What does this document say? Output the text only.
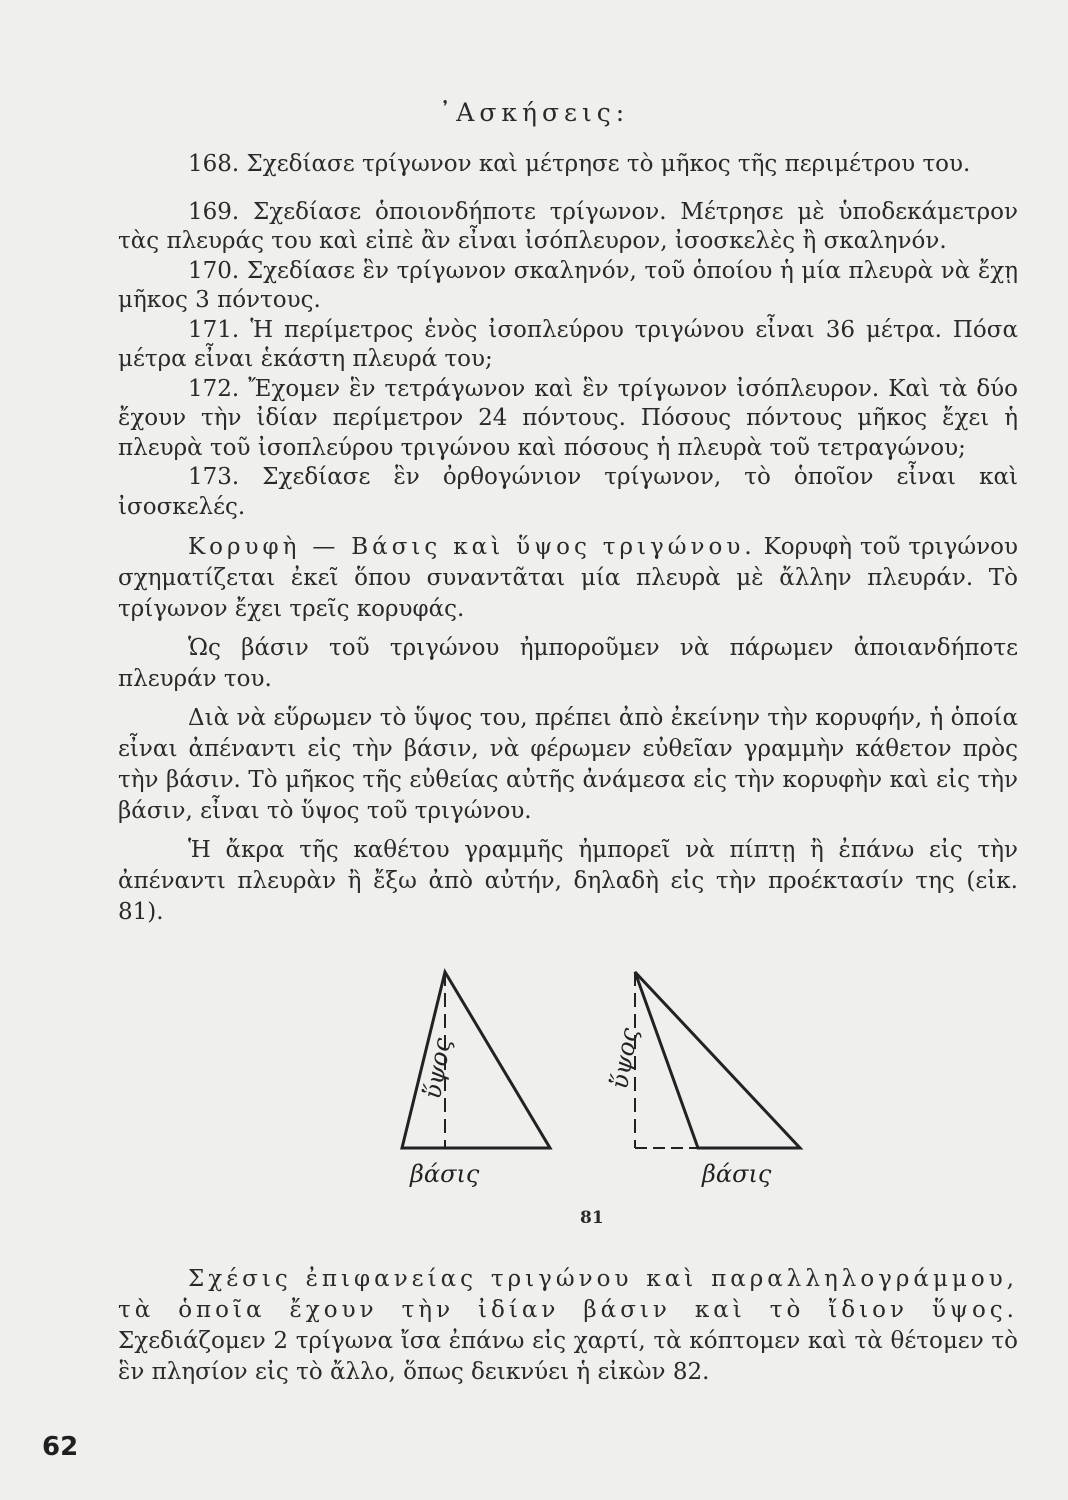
᾿Ασκήσεις:

168. Σχεδίασε τρίγωνον καὶ μέτρησε τὸ μῆκος τῆς περιμέτρου του.

169. Σχεδίασε ὁποιονδήποτε τρίγωνον. Μέτρησε μὲ ὑποδεκάμετρον τὰς πλευράς του καὶ εἰπὲ ἂν εἶναι ἰσόπλευρον, ἰσοσκελὲς ἢ σκαληνόν.

170. Σχεδίασε ἓν τρίγωνον σκαληνόν, τοῦ ὁποίου ἡ μία πλευρὰ νὰ ἔχῃ μῆκος 3 πόντους.

171. Ἡ περίμετρος ἑνὸς ἰσοπλεύρου τριγώνου εἶναι 36 μέτρα. Πόσα μέτρα εἶναι ἑκάστη πλευρά του;

172. Ἔχομεν ἓν τετράγωνον καὶ ἓν τρίγωνον ἰσόπλευρον. Καὶ τὰ δύο ἔχουν τὴν ἰδίαν περίμετρον 24 πόντους. Πόσους πόντους μῆκος ἔχει ἡ πλευρὰ τοῦ ἰσοπλεύρου τριγώνου καὶ πόσους ἡ πλευρὰ τοῦ τετραγώνου;

173. Σχεδίασε ἓν ὀρθογώνιον τρίγωνον, τὸ ὁποῖον εἶναι καὶ ἰσοσκελές.

Κορυφὴ — Βάσις καὶ ὕψος τριγώνου. Κορυφὴ τοῦ τριγώνου σχηματίζεται ἐκεῖ ὅπου συναντᾶται μία πλευρὰ μὲ ἄλλην πλευράν. Τὸ τρίγωνον ἔχει τρεῖς κορυφάς.

Ὡς βάσιν τοῦ τριγώνου ἠμποροῦμεν νὰ πάρωμεν ἀποιανδήποτε πλευράν του.

Διὰ νὰ εὕρωμεν τὸ ὕψος του, πρέπει ἀπὸ ἐκείνην τὴν κορυφήν, ἡ ὁποία εἶναι ἀπέναντι εἰς τὴν βάσιν, νὰ φέρωμεν εὐθεῖαν γραμμὴν κάθετον πρὸς τὴν βάσιν. Τὸ μῆκος τῆς εὐθείας αὐτῆς ἀνάμεσα εἰς τὴν κορυφὴν καὶ εἰς τὴν βάσιν, εἶναι τὸ ὕψος τοῦ τριγώνου.

Ἡ ἄκρα τῆς καθέτου γραμμῆς ἠμπορεῖ νὰ πίπτῃ ἢ ἐπάνω εἰς τὴν ἀπέναντι πλευρὰν ἢ ἔξω ἀπὸ αὐτήν, δηλαδὴ εἰς τὴν προέκτασίν της (εἰκ. 81).

ὕψος	ὕψος
βάσις	βάσις
81

Σχέσις ἐπιφανείας τριγώνου καὶ παραλληλογράμμου, τὰ ὁποῖα ἔχουν τὴν ἰδίαν βάσιν καὶ τὸ ἴδιον ὕψος. Σχεδιάζομεν 2 τρίγωνα ἴσα ἐπάνω εἰς χαρτί, τὰ κόπτομεν καὶ τὰ θέτομεν τὸ ἓν πλησίον εἰς τὸ ἄλλο, ὅπως δεικνύει ἡ εἰκὼν 82.

62
